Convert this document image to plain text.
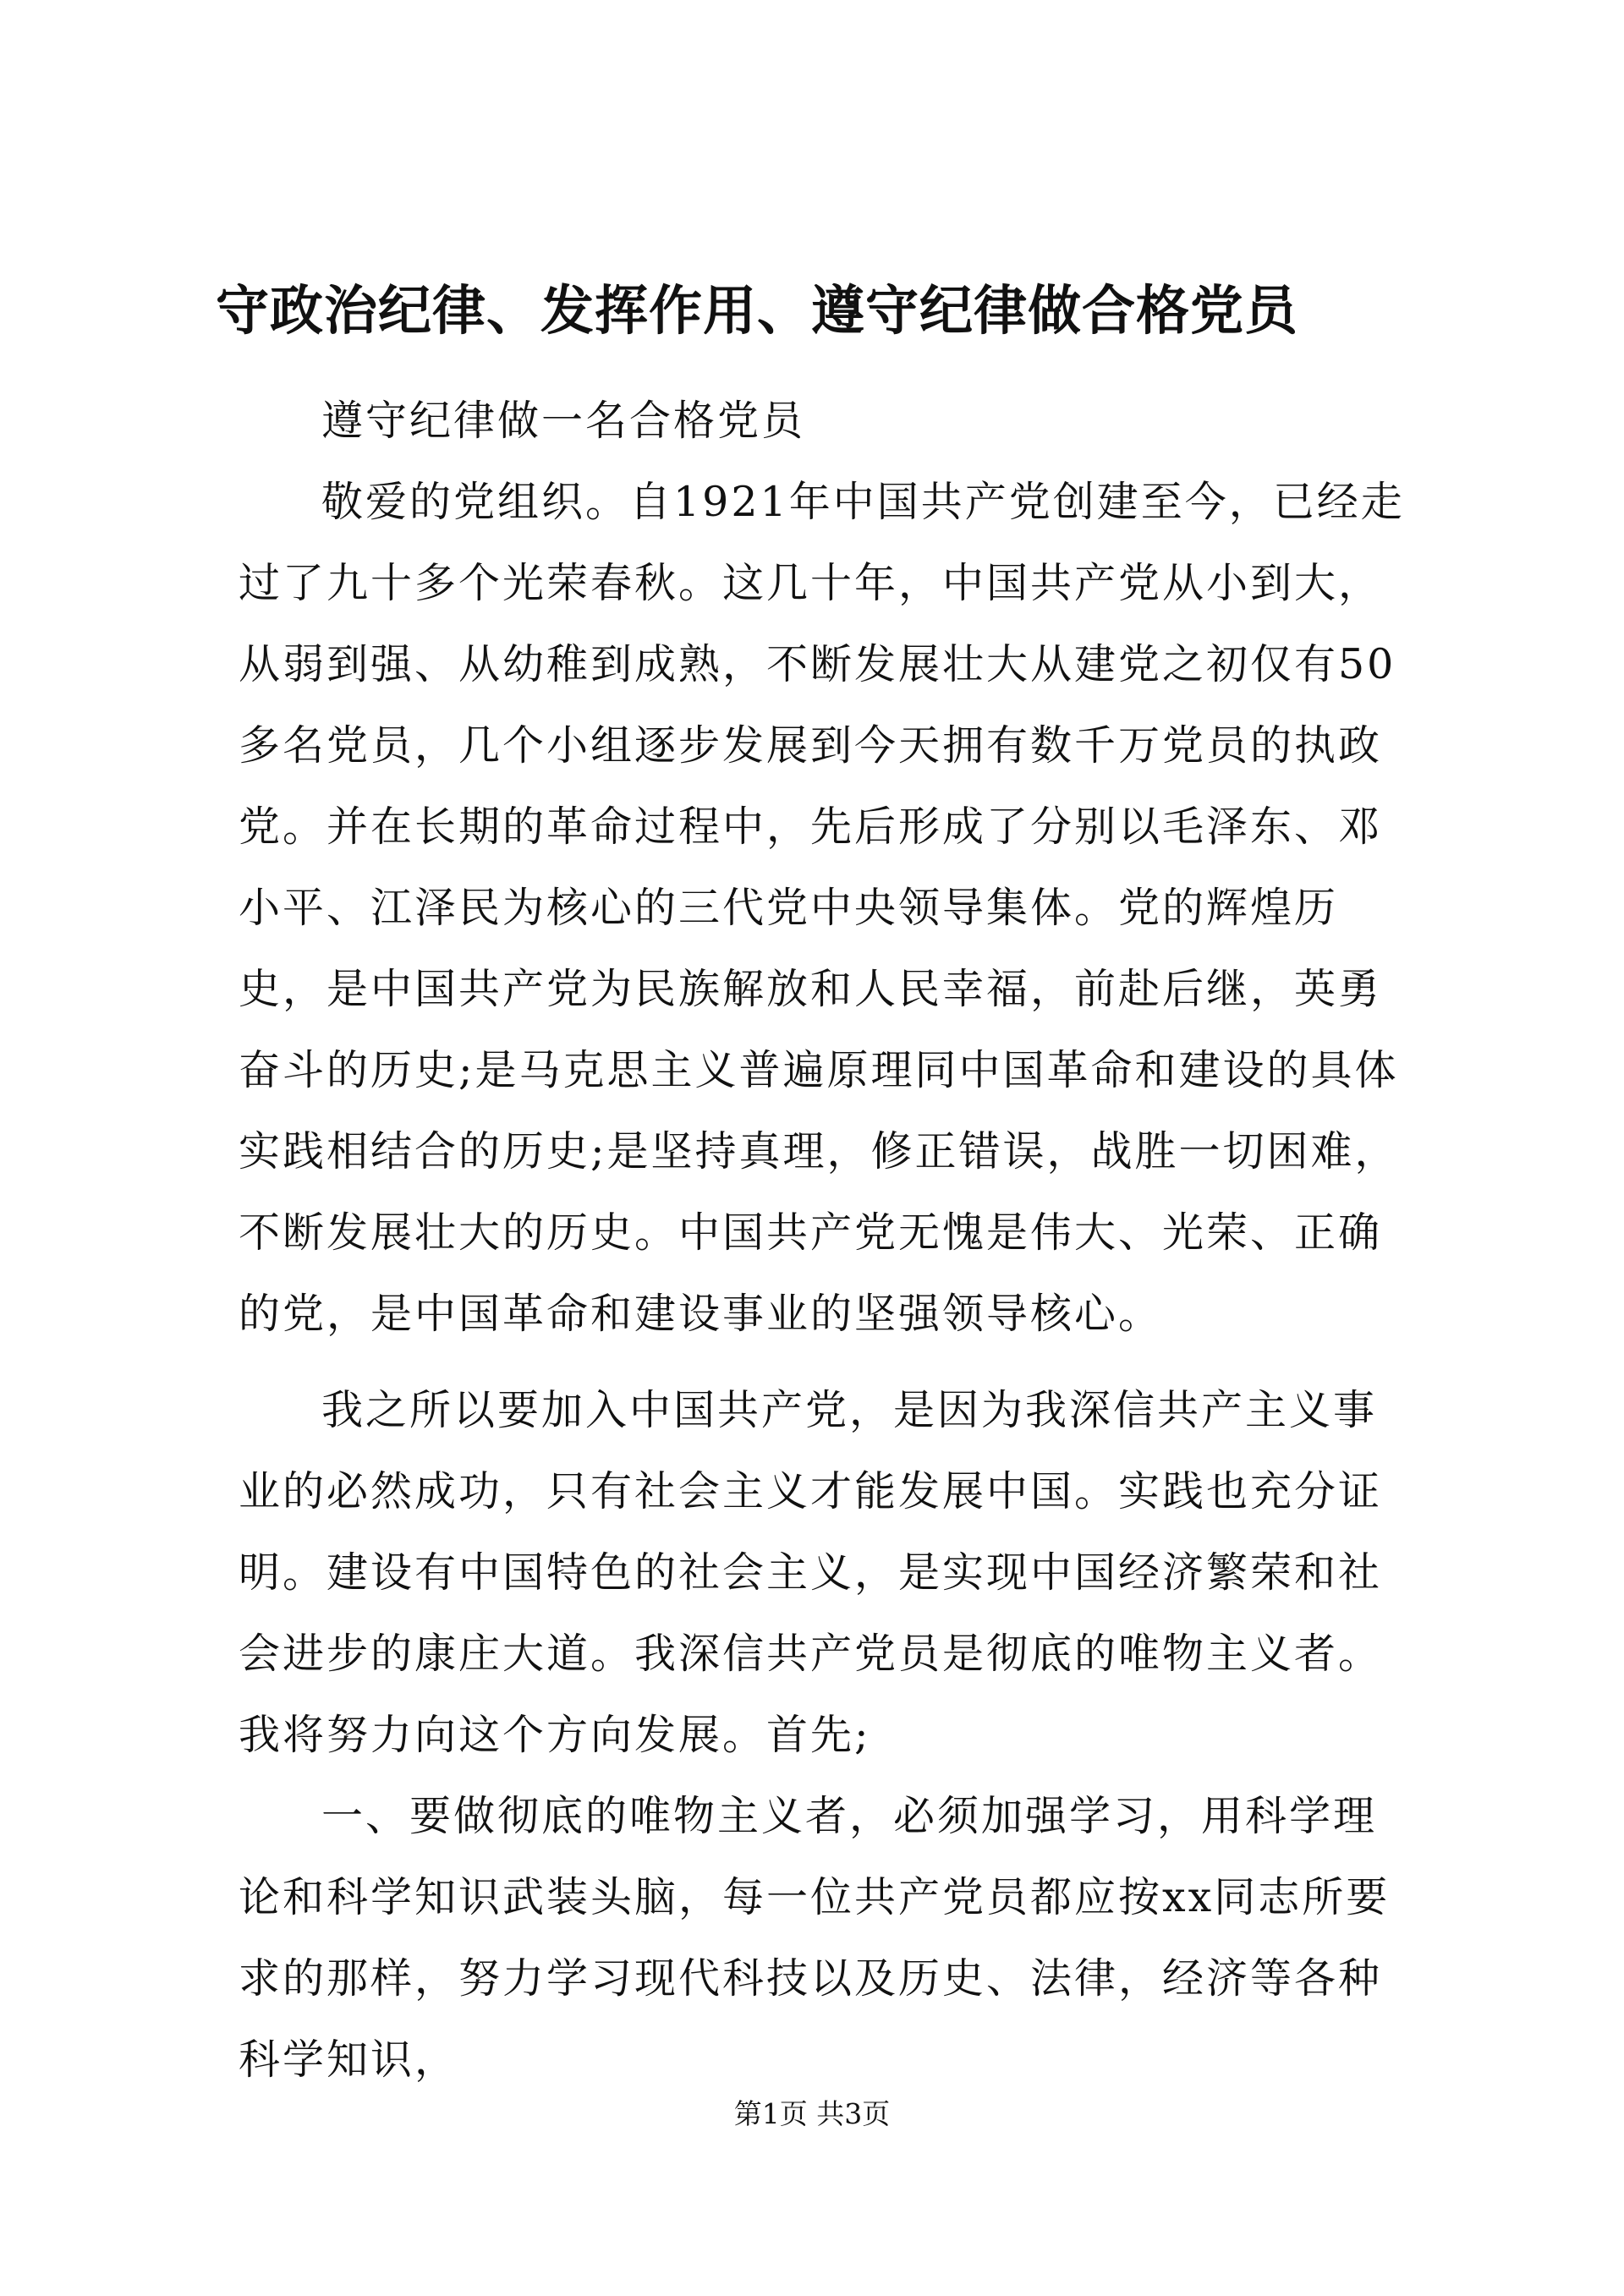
守政治纪律、发挥作用、遵守纪律做合格党员

遵守纪律做一名合格党员

敬爱的党组织。自1921年中国共产党创建至今，已经走过了九十多个光荣春秋。这几十年，中国共产党从小到大，从弱到强、从幼稚到成熟，不断发展壮大从建党之初仅有50多名党员，几个小组逐步发展到今天拥有数千万党员的执政党。并在长期的革命过程中，先后形成了分别以毛泽东、邓小平、江泽民为核心的三代党中央领导集体。党的辉煌历史，是中国共产党为民族解放和人民幸福，前赴后继，英勇奋斗的历史;是马克思主义普遍原理同中国革命和建设的具体实践相结合的历史;是坚持真理，修正错误，战胜一切困难，不断发展壮大的历史。中国共产党无愧是伟大、光荣、正确的党，是中国革命和建设事业的坚强领导核心。

我之所以要加入中国共产党，是因为我深信共产主义事业的必然成功，只有社会主义才能发展中国。实践也充分证明。建设有中国特色的社会主义，是实现中国经济繁荣和社会进步的康庄大道。我深信共产党员是彻底的唯物主义者。我将努力向这个方向发展。首先;

一、要做彻底的唯物主义者，必须加强学习，用科学理论和科学知识武装头脑，每一位共产党员都应按xx同志所要求的那样，努力学习现代科技以及历史、法律，经济等各种科学知识，

第1页 共3页
